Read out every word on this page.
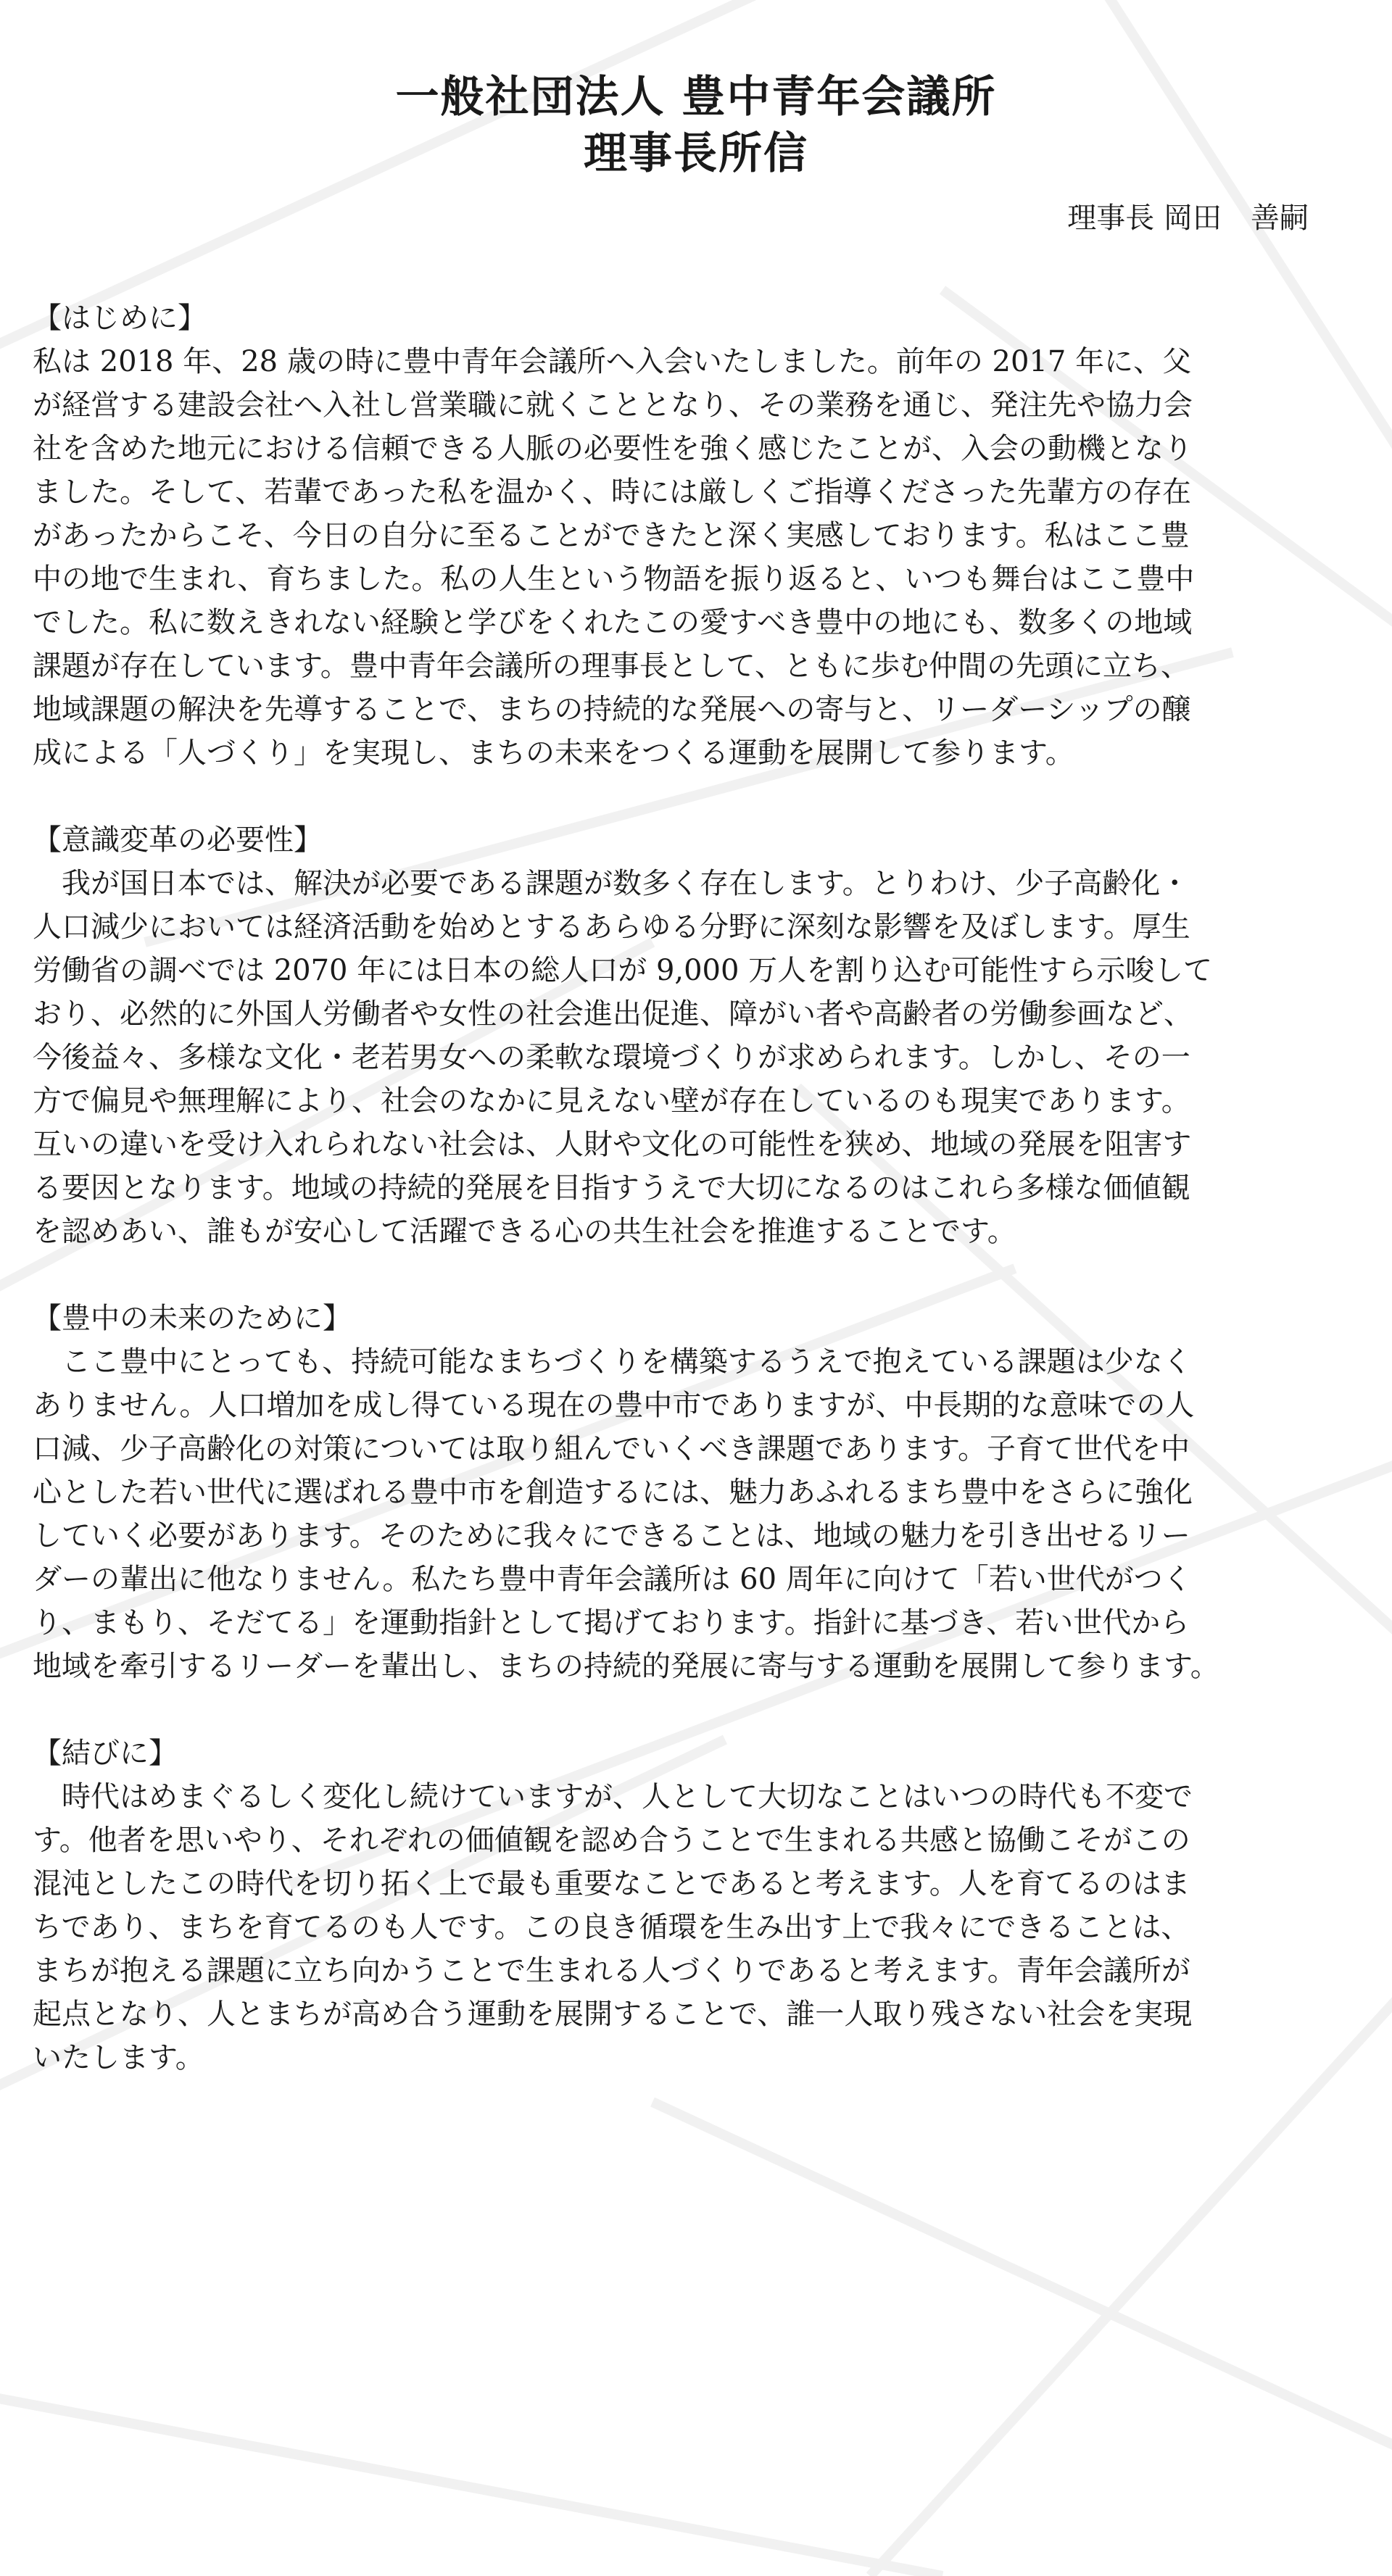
一般社団法人 豊中青年会議所
理事長所信
理事長 岡田　善嗣
【はじめに】
私は 2018 年、28 歳の時に豊中青年会議所へ入会いたしました。前年の 2017 年に、父
が経営する建設会社へ入社し営業職に就くこととなり、その業務を通じ、発注先や協力会
社を含めた地元における信頼できる人脈の必要性を強く感じたことが、入会の動機となり
ました。そして、若輩であった私を温かく、時には厳しくご指導くださった先輩方の存在
があったからこそ、今日の自分に至ることができたと深く実感しております。私はここ豊
中の地で生まれ、育ちました。私の人生という物語を振り返ると、いつも舞台はここ豊中
でした。私に数えきれない経験と学びをくれたこの愛すべき豊中の地にも、数多くの地域
課題が存在しています。豊中青年会議所の理事長として、ともに歩む仲間の先頭に立ち、
地域課題の解決を先導することで、まちの持続的な発展への寄与と、リーダーシップの醸
成による「人づくり」を実現し、まちの未来をつくる運動を展開して参ります。
【意識変革の必要性】
　我が国日本では、解決が必要である課題が数多く存在します。とりわけ、少子高齢化・
人口減少においては経済活動を始めとするあらゆる分野に深刻な影響を及ぼします。厚生
労働省の調べでは 2070 年には日本の総人口が 9,000 万人を割り込む可能性すら示唆して
おり、必然的に外国人労働者や女性の社会進出促進、障がい者や高齢者の労働参画など、
今後益々、多様な文化・老若男女への柔軟な環境づくりが求められます。しかし、その一
方で偏見や無理解により、社会のなかに見えない壁が存在しているのも現実であります。
互いの違いを受け入れられない社会は、人財や文化の可能性を狭め、地域の発展を阻害す
る要因となります。地域の持続的発展を目指すうえで大切になるのはこれら多様な価値観
を認めあい、誰もが安心して活躍できる心の共生社会を推進することです。
【豊中の未来のために】
　ここ豊中にとっても、持続可能なまちづくりを構築するうえで抱えている課題は少なく
ありません。人口増加を成し得ている現在の豊中市でありますが、中長期的な意味での人
口減、少子高齢化の対策については取り組んでいくべき課題であります。子育て世代を中
心とした若い世代に選ばれる豊中市を創造するには、魅力あふれるまち豊中をさらに強化
していく必要があります。そのために我々にできることは、地域の魅力を引き出せるリー
ダーの輩出に他なりません。私たち豊中青年会議所は 60 周年に向けて「若い世代がつく
り、まもり、そだてる」を運動指針として掲げております。指針に基づき、若い世代から
地域を牽引するリーダーを輩出し、まちの持続的発展に寄与する運動を展開して参ります。
【結びに】
　時代はめまぐるしく変化し続けていますが、人として大切なことはいつの時代も不変で
す。他者を思いやり、それぞれの価値観を認め合うことで生まれる共感と協働こそがこの
混沌としたこの時代を切り拓く上で最も重要なことであると考えます。人を育てるのはま
ちであり、まちを育てるのも人です。この良き循環を生み出す上で我々にできることは、
まちが抱える課題に立ち向かうことで生まれる人づくりであると考えます。青年会議所が
起点となり、人とまちが高め合う運動を展開することで、誰一人取り残さない社会を実現
いたします。
